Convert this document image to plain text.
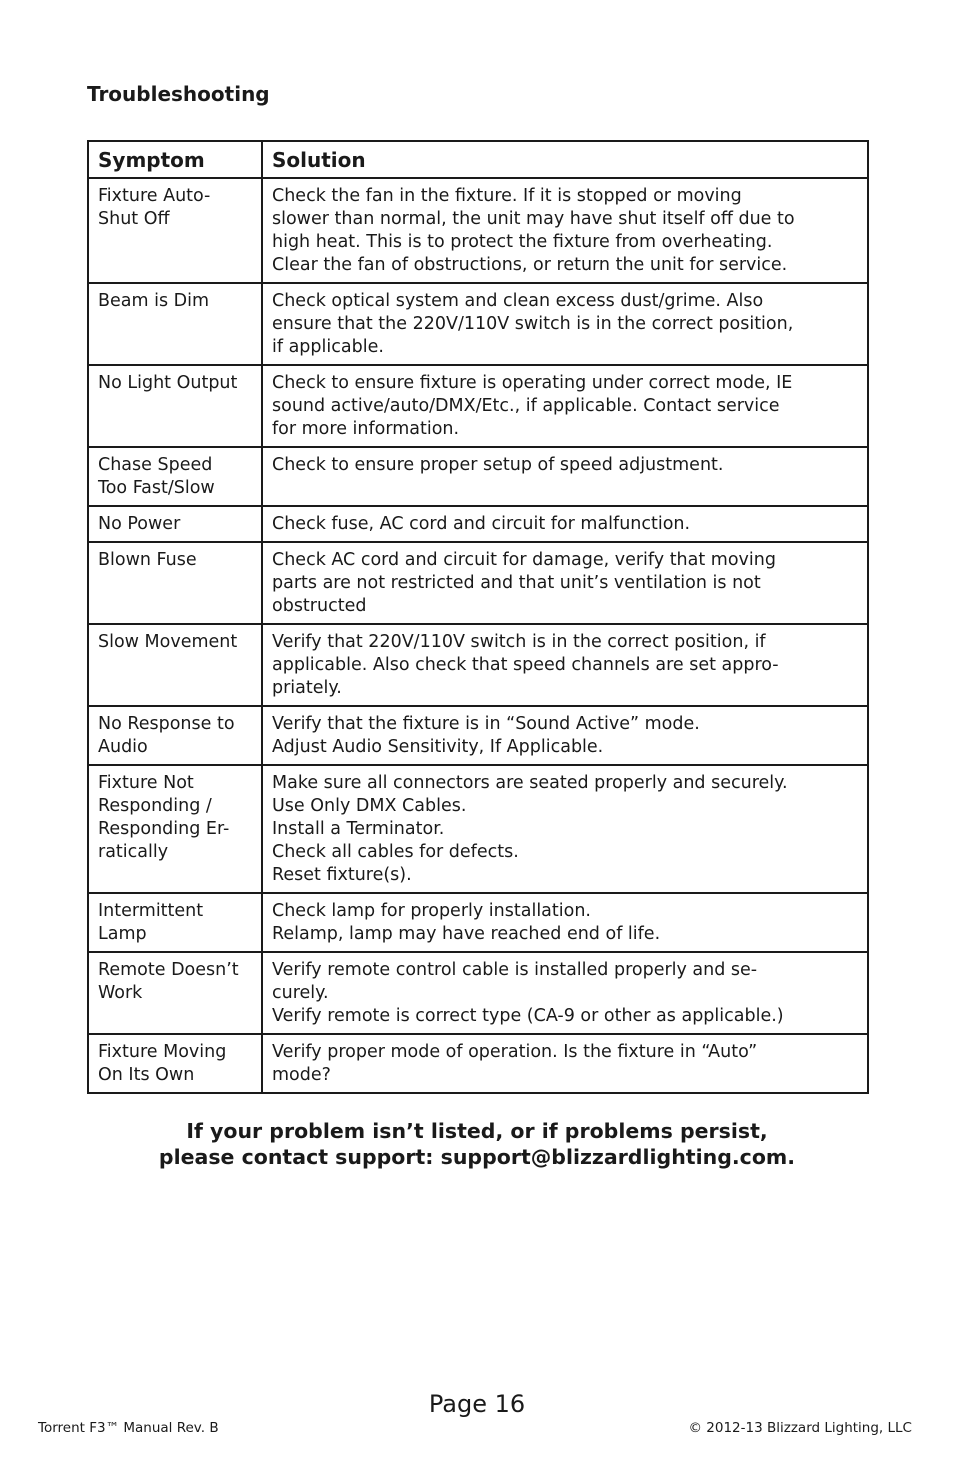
Troubleshooting
Symptom	Solution

Fixture Auto-
Shut Off	Check the fan in the fixture. If it is stopped or moving
slower than normal, the unit may have shut itself off due to
high heat. This is to protect the fixture from overheating.
Clear the fan of obstructions, or return the unit for service.

Beam is Dim	Check optical system and clean excess dust/grime. Also
ensure that the 220V/110V switch is in the correct position,
if applicable.

No Light Output	Check to ensure fixture is operating under correct mode, IE
sound active/auto/DMX/Etc., if applicable. Contact service
for more information.

Chase Speed
Too Fast/Slow	Check to ensure proper setup of speed adjustment.

No Power	Check fuse, AC cord and circuit for malfunction.

Blown Fuse	Check AC cord and circuit for damage, verify that moving
parts are not restricted and that unit’s ventilation is not
obstructed

Slow Movement	Verify that 220V/110V switch is in the correct position, if
applicable. Also check that speed channels are set appro-
priately.

No Response to
Audio	Verify that the fixture is in “Sound Active” mode.
Adjust Audio Sensitivity, If Applicable.

Fixture Not
Responding /
Responding Er-
ratically	Make sure all connectors are seated properly and securely.
Use Only DMX Cables.
Install a Terminator.
Check all cables for defects.
Reset fixture(s).

Intermittent
Lamp	Check lamp for properly installation.
Relamp, lamp may have reached end of life.

Remote Doesn’t
Work	Verify remote control cable is installed properly and se-
curely.
Verify remote is correct type (CA-9 or other as applicable.)

Fixture Moving
On Its Own	Verify proper mode of operation. Is the fixture in “Auto”
mode?
If your problem isn’t listed, or if problems persist,
please contact support: support@blizzardlighting.com.
Page 16
Torrent F3™ Manual Rev. B	© 2012-13 Blizzard Lighting, LLC
